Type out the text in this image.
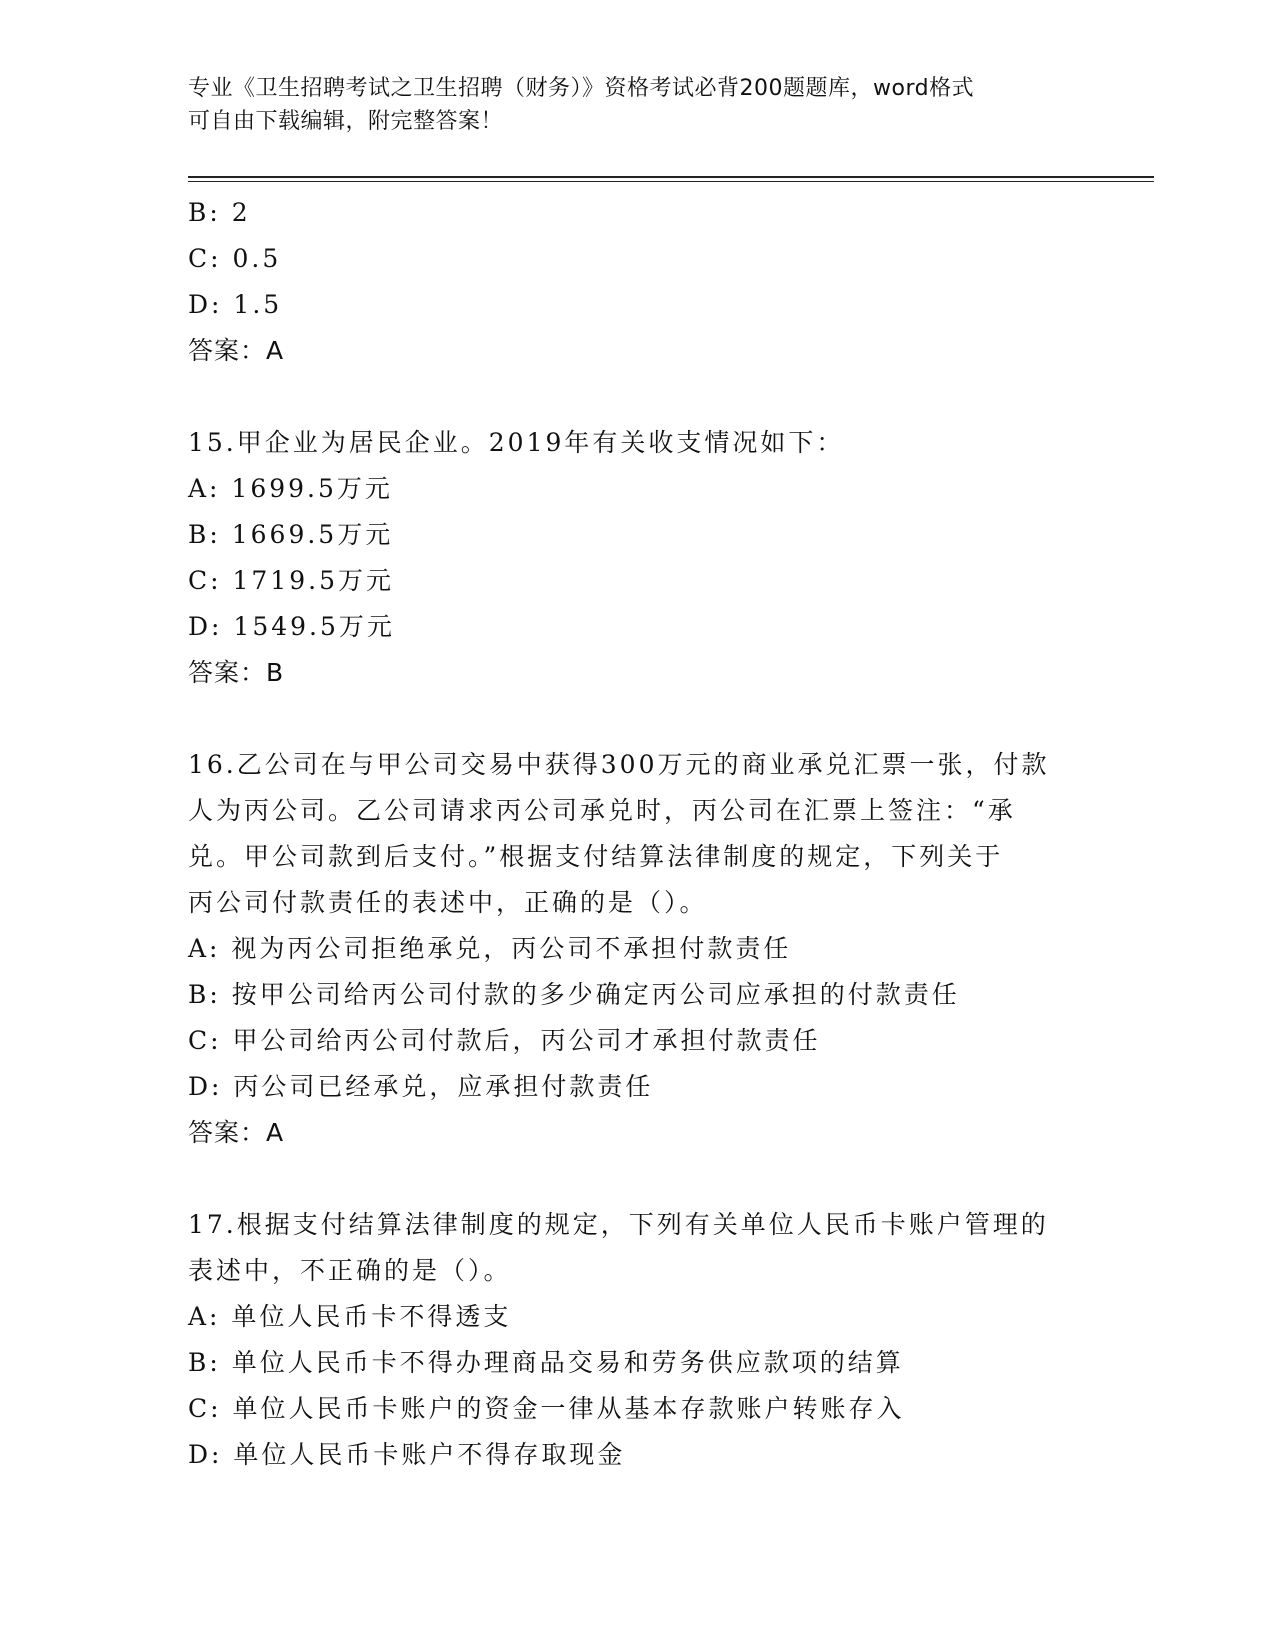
专业《卫生招聘考试之卫生招聘（财务）》资格考试必背200题题库，word格式
可自由下载编辑，附完整答案！
B: 2
C: 0.5
D: 1.5
答案：A
15.甲企业为居民企业。2019年有关收支情况如下：
A: 1699.5万元
B: 1669.5万元
C: 1719.5万元
D: 1549.5万元
答案：B
16.乙公司在与甲公司交易中获得300万元的商业承兑汇票一张，付款
人为丙公司。乙公司请求丙公司承兑时，丙公司在汇票上签注：“承
兑。甲公司款到后支付。”根据支付结算法律制度的规定，下列关于
丙公司付款责任的表述中，正确的是（）。
A: 视为丙公司拒绝承兑，丙公司不承担付款责任
B: 按甲公司给丙公司付款的多少确定丙公司应承担的付款责任
C: 甲公司给丙公司付款后，丙公司才承担付款责任
D: 丙公司已经承兑，应承担付款责任
答案：A
17.根据支付结算法律制度的规定，下列有关单位人民币卡账户管理的
表述中，不正确的是（）。
A: 单位人民币卡不得透支
B: 单位人民币卡不得办理商品交易和劳务供应款项的结算
C: 单位人民币卡账户的资金一律从基本存款账户转账存入
D: 单位人民币卡账户不得存取现金
